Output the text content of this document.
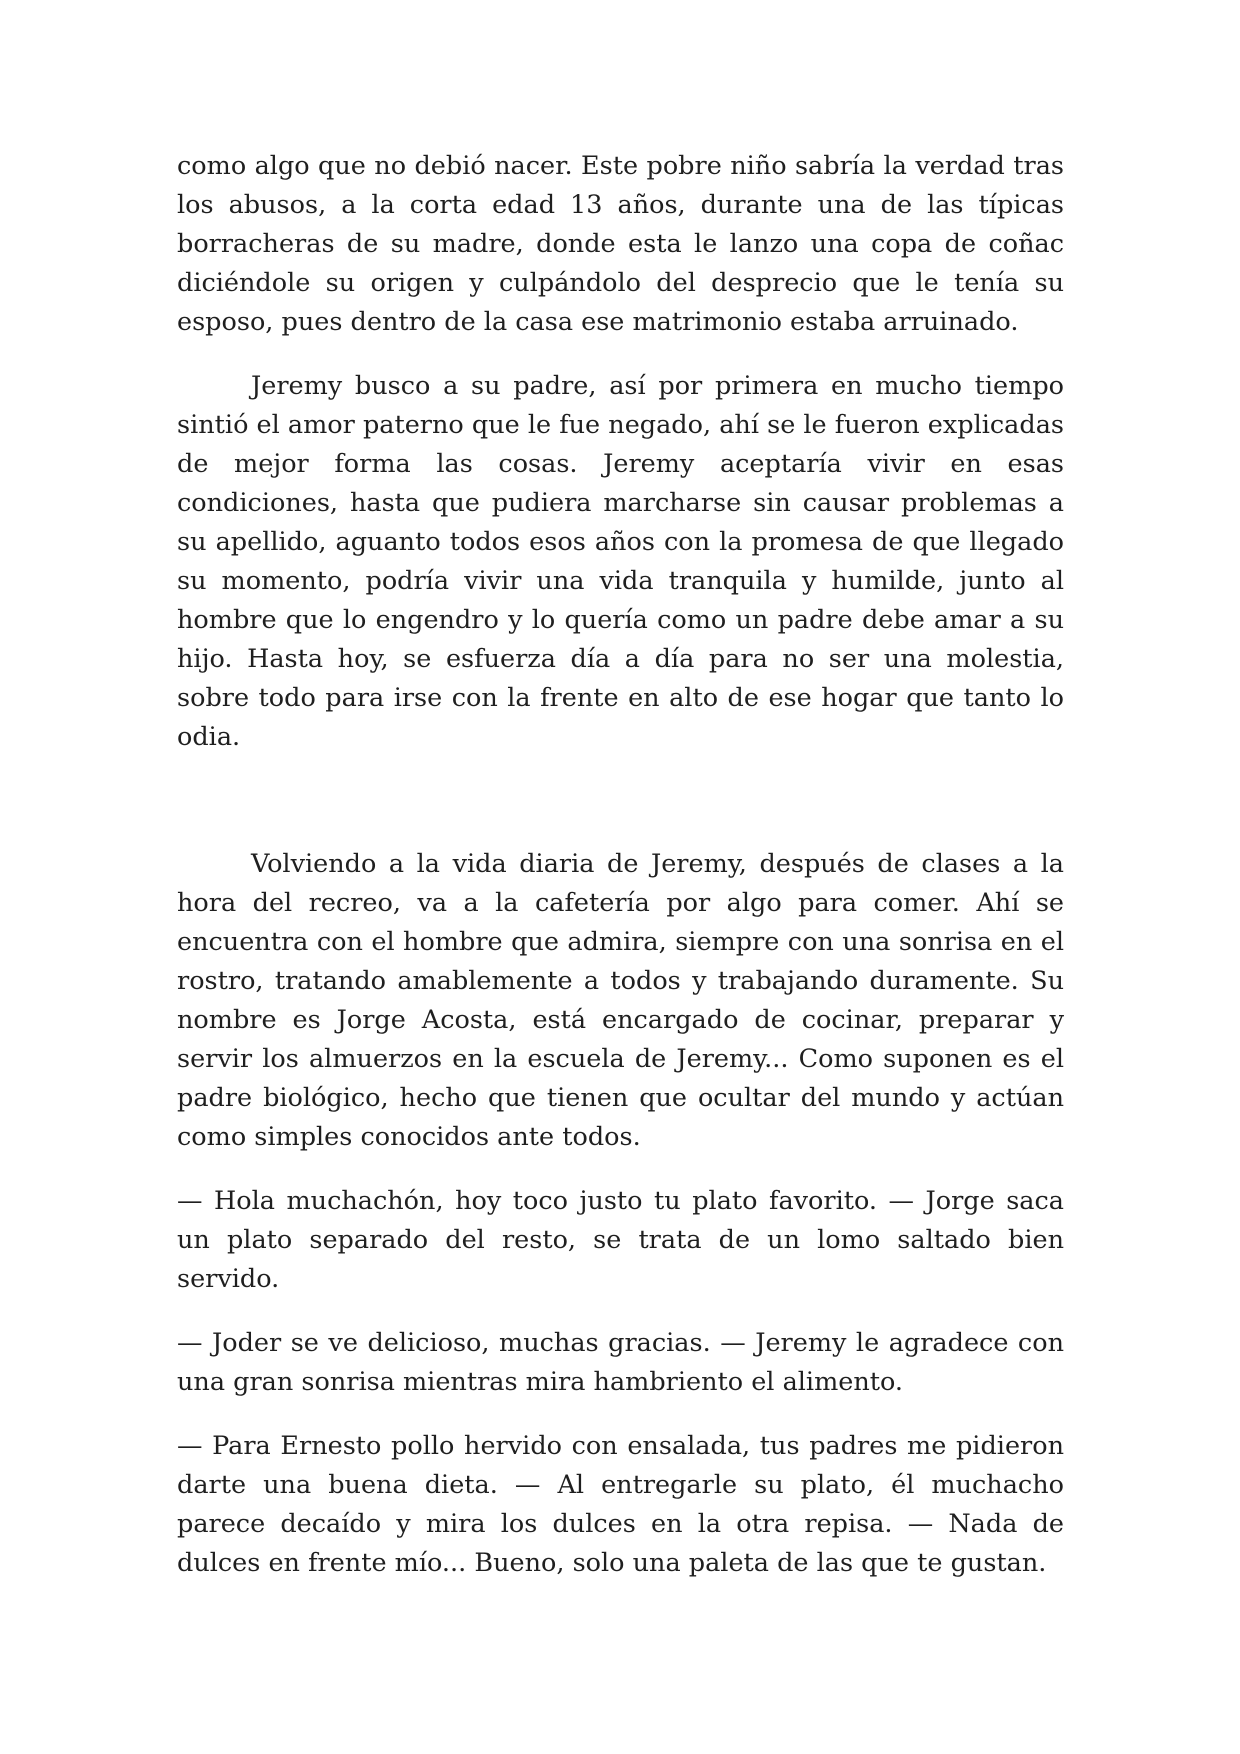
como algo que no debió nacer. Este pobre niño sabría la verdad tras los abusos, a la corta edad 13 años, durante una de las típicas borracheras de su madre, donde esta le lanzo una copa de coñac diciéndole su origen y culpándolo del desprecio que le tenía su esposo, pues dentro de la casa ese matrimonio estaba arruinado.

Jeremy busco a su padre, así por primera en mucho tiempo sintió el amor paterno que le fue negado, ahí se le fueron explicadas de mejor forma las cosas. Jeremy aceptaría vivir en esas condiciones, hasta que pudiera marcharse sin causar problemas a su apellido, aguanto todos esos años con la promesa de que llegado su momento, podría vivir una vida tranquila y humilde, junto al hombre que lo engendro y lo quería como un padre debe amar a su hijo. Hasta hoy, se esfuerza día a día para no ser una molestia, sobre todo para irse con la frente en alto de ese hogar que tanto lo odia.

Volviendo a la vida diaria de Jeremy, después de clases a la hora del recreo, va a la cafetería por algo para comer. Ahí se encuentra con el hombre que admira, siempre con una sonrisa en el rostro, tratando amablemente a todos y trabajando duramente. Su nombre es Jorge Acosta, está encargado de cocinar, preparar y servir los almuerzos en la escuela de Jeremy... Como suponen es el padre biológico, hecho que tienen que ocultar del mundo y actúan como simples conocidos ante todos.

— Hola muchachón, hoy toco justo tu plato favorito. — Jorge saca un plato separado del resto, se trata de un lomo saltado bien servido.

— Joder se ve delicioso, muchas gracias. — Jeremy le agradece con una gran sonrisa mientras mira hambriento el alimento.

— Para Ernesto pollo hervido con ensalada, tus padres me pidieron darte una buena dieta. — Al entregarle su plato, él muchacho parece decaído y mira los dulces en la otra repisa. — Nada de dulces en frente mío... Bueno, solo una paleta de las que te gustan.
